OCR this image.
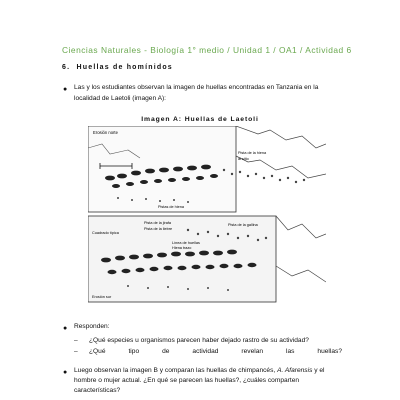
Ciencias Naturales - Biología 1° medio / Unidad 1 / OA1 / Actividad 6
6. Huellas de homínidos
● Las y los estudiantes observan la imagen de huellas encontradas en Tanzania en la localidad de Laetoli (imagen A):
Imagen A: Huellas de Laetoli
Erosión norte
Pista de la hiena
al sitio
Pistas de hiena
Cuadrado típica
Pista de la jirafa
Pista de la liebre
Línea de huellas
Hiena trazo
Pista de la gallina
Erosión sur
● Responden:
– ¿Qué especies u organismos parecen haber dejado rastro de su actividad?
– ¿Qué tipo de actividad revelan las huellas?
● Luego observan la imagen B y comparan las huellas de chimpancés, A. Afarensis y el hombre o mujer actual. ¿En qué se parecen las huellas?, ¿cuáles comparten características?
